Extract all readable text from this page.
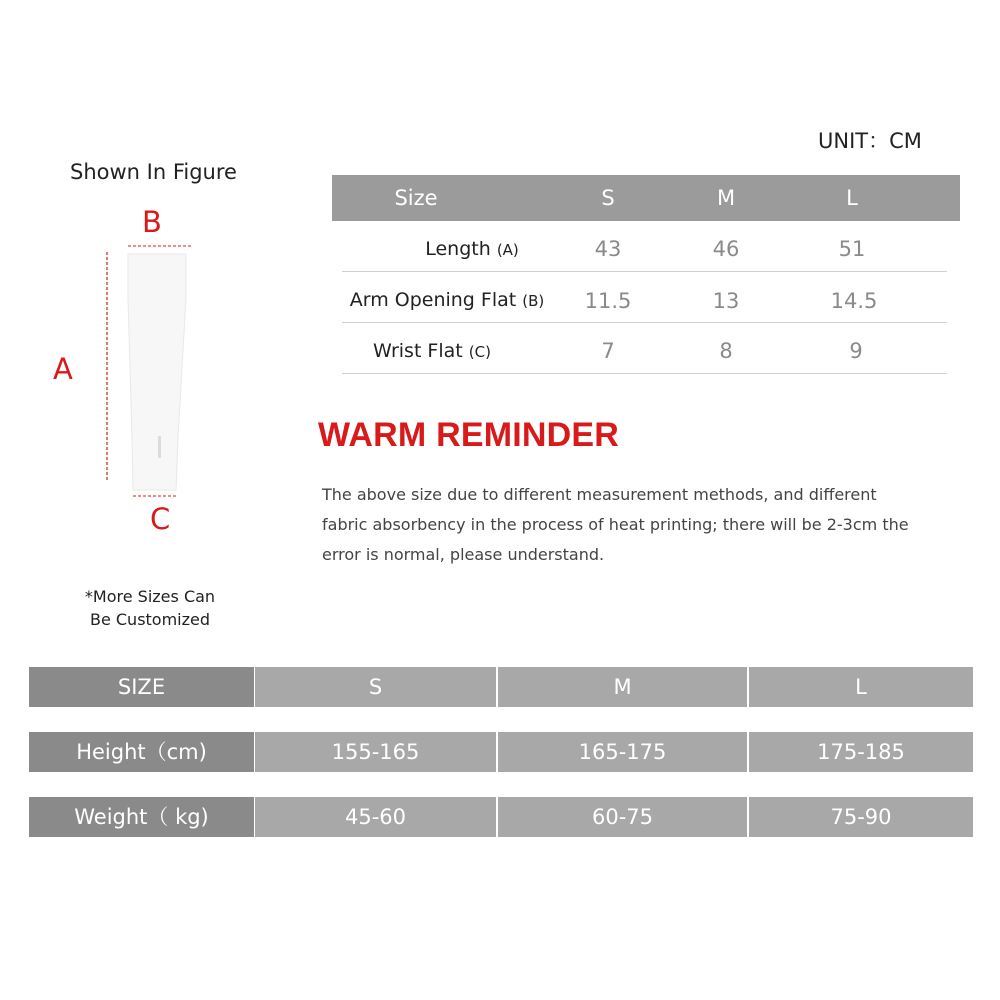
UNIT：CM
Shown In Figure
B
A
C
*More Sizes Can
Be Customized
Size	S	M	L
Length (A)	43	46	51
Arm Opening Flat (B)	11.5	13	14.5
Wrist Flat (C)	7	8	9
WARM REMINDER
The above size due to different measurement methods, and different
fabric absorbency in the process of heat printing; there will be 2-3cm the
error is normal, please understand.
SIZE	S	M	L
Height（cm)	155-165	165-175	175-185
Weight（ kg)	45-60	60-75	75-90
